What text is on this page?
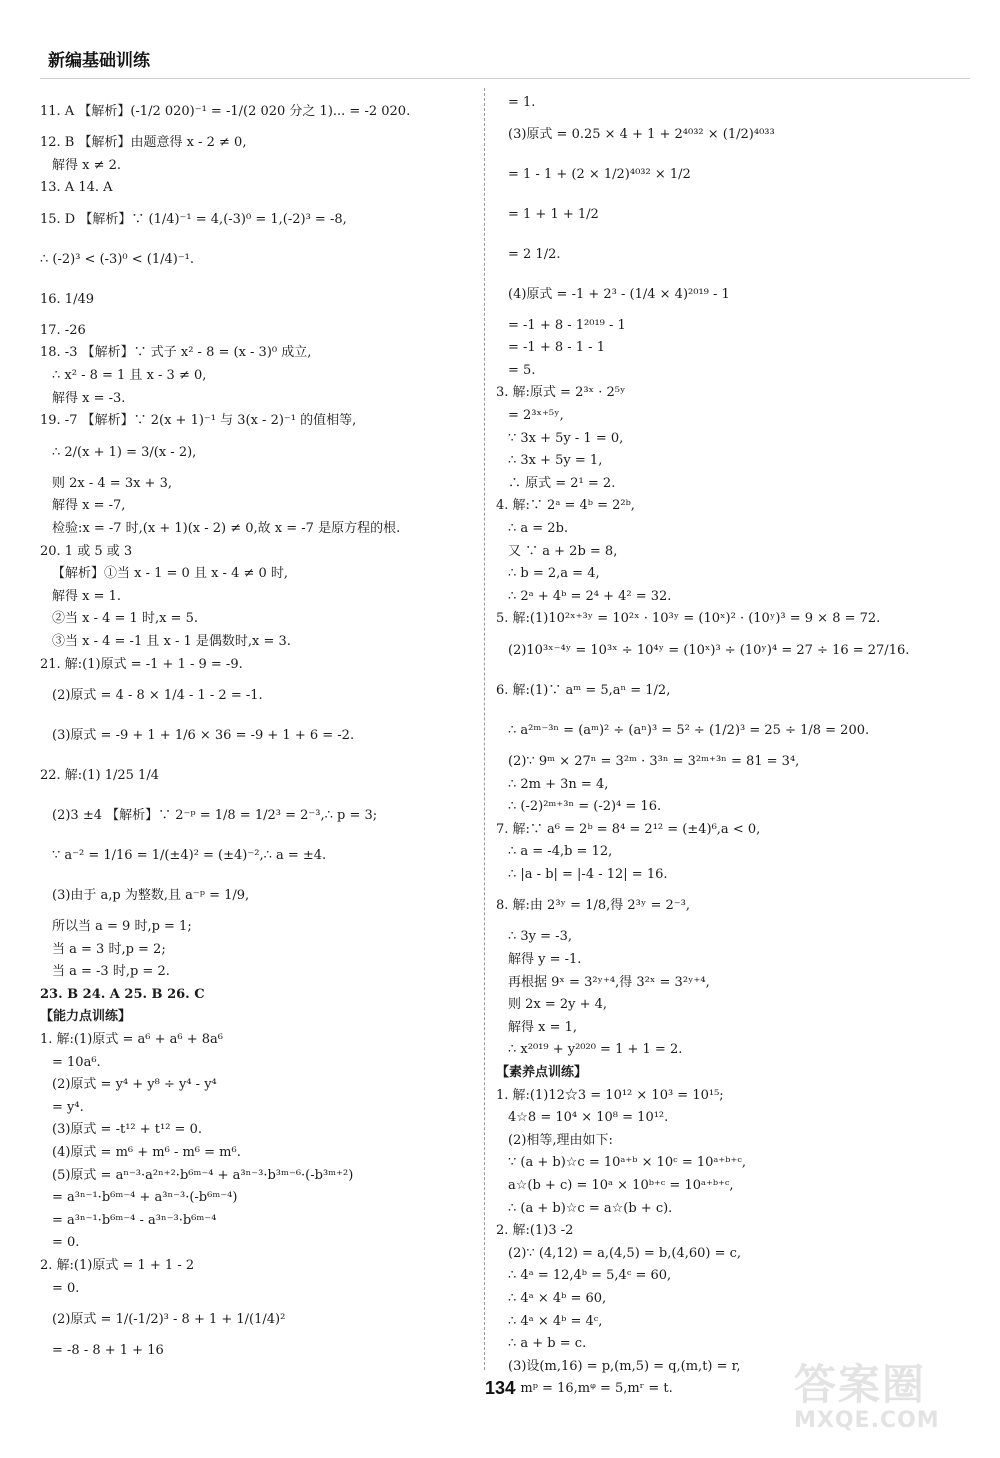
新编基础训练
11. A 【解析】(-1/2 020)⁻¹ = -1/(2 020 分之 1)... = -2 020.
12. B 【解析】由题意得 x - 2 ≠ 0,
解得 x ≠ 2.
13. A 14. A
15. D 【解析】∵ (1/4)⁻¹ = 4,(-3)⁰ = 1,(-2)³ = -8,
∴ (-2)³ < (-3)⁰ < (1/4)⁻¹.
16. 1/49
17. -26
18. -3 【解析】∵ 式子 x² - 8 = (x - 3)⁰ 成立,
∴ x² - 8 = 1 且 x - 3 ≠ 0,
解得 x = -3.
19. -7 【解析】∵ 2(x + 1)⁻¹ 与 3(x - 2)⁻¹ 的值相等,
∴ 2/(x + 1) = 3/(x - 2),
则 2x - 4 = 3x + 3,
解得 x = -7,
检验:x = -7 时,(x + 1)(x - 2) ≠ 0,故 x = -7 是原方程的根.
20. 1 或 5 或 3
【解析】①当 x - 1 = 0 且 x - 4 ≠ 0 时,
解得 x = 1.
②当 x - 4 = 1 时,x = 5.
③当 x - 4 = -1 且 x - 1 是偶数时,x = 3.
21. 解:(1)原式 = -1 + 1 - 9 = -9.
(2)原式 = 4 - 8 × 1/4 - 1 - 2 = -1.
(3)原式 = -9 + 1 + 1/6 × 36 = -9 + 1 + 6 = -2.
22. 解:(1) 1/25 1/4
(2)3 ±4 【解析】∵ 2⁻ᵖ = 1/8 = 1/2³ = 2⁻³,∴ p = 3;
∵ a⁻² = 1/16 = 1/(±4)² = (±4)⁻²,∴ a = ±4.
(3)由于 a,p 为整数,且 a⁻ᵖ = 1/9,
所以当 a = 9 时,p = 1;
当 a = 3 时,p = 2;
当 a = -3 时,p = 2.
23. B 24. A 25. B 26. C
【能力点训练】
1. 解:(1)原式 = a⁶ + a⁶ + 8a⁶
= 10a⁶.
(2)原式 = y⁴ + y⁸ ÷ y⁴ - y⁴
= y⁴.
(3)原式 = -t¹² + t¹² = 0.
(4)原式 = m⁶ + m⁶ - m⁶ = m⁶.
(5)原式 = aⁿ⁻³·a²ⁿ⁺²·b⁶ᵐ⁻⁴ + a³ⁿ⁻³·b³ᵐ⁻⁶·(-b³ᵐ⁺²)
= a³ⁿ⁻¹·b⁶ᵐ⁻⁴ + a³ⁿ⁻³·(-b⁶ᵐ⁻⁴)
= a³ⁿ⁻¹·b⁶ᵐ⁻⁴ - a³ⁿ⁻³·b⁶ᵐ⁻⁴
= 0.
2. 解:(1)原式 = 1 + 1 - 2
= 0.
(2)原式 = 1/(-1/2)³ - 8 + 1 + 1/(1/4)²
= -8 - 8 + 1 + 16
= 1.
(3)原式 = 0.25 × 4 + 1 + 2⁴⁰³² × (1/2)⁴⁰³³
= 1 - 1 + (2 × 1/2)⁴⁰³² × 1/2
= 1 + 1 + 1/2
= 2 1/2.
(4)原式 = -1 + 2³ - (1/4 × 4)²⁰¹⁹ - 1
= -1 + 8 - 1²⁰¹⁹ - 1
= -1 + 8 - 1 - 1
= 5.
3. 解:原式 = 2³ˣ · 2⁵ʸ
= 2³ˣ⁺⁵ʸ,
∵ 3x + 5y - 1 = 0,
∴ 3x + 5y = 1,
∴ 原式 = 2¹ = 2.
4. 解:∵ 2ᵃ = 4ᵇ = 2²ᵇ,
∴ a = 2b.
又 ∵ a + 2b = 8,
∴ b = 2,a = 4,
∴ 2ᵃ + 4ᵇ = 2⁴ + 4² = 32.
5. 解:(1)10²ˣ⁺³ʸ = 10²ˣ · 10³ʸ = (10ˣ)² · (10ʸ)³ = 9 × 8 = 72.
(2)10³ˣ⁻⁴ʸ = 10³ˣ ÷ 10⁴ʸ = (10ˣ)³ ÷ (10ʸ)⁴ = 27 ÷ 16 = 27/16.
6. 解:(1)∵ aᵐ = 5,aⁿ = 1/2,
∴ a²ᵐ⁻³ⁿ = (aᵐ)² ÷ (aⁿ)³ = 5² ÷ (1/2)³ = 25 ÷ 1/8 = 200.
(2)∵ 9ᵐ × 27ⁿ = 3²ᵐ · 3³ⁿ = 3²ᵐ⁺³ⁿ = 81 = 3⁴,
∴ 2m + 3n = 4,
∴ (-2)²ᵐ⁺³ⁿ = (-2)⁴ = 16.
7. 解:∵ a⁶ = 2ᵇ = 8⁴ = 2¹² = (±4)⁶,a < 0,
∴ a = -4,b = 12,
∴ |a - b| = |-4 - 12| = 16.
8. 解:由 2³ʸ = 1/8,得 2³ʸ = 2⁻³,
∴ 3y = -3,
解得 y = -1.
再根据 9ˣ = 3²ʸ⁺⁴,得 3²ˣ = 3²ʸ⁺⁴,
则 2x = 2y + 4,
解得 x = 1,
∴ x²⁰¹⁹ + y²⁰²⁰ = 1 + 1 = 2.
【素养点训练】
1. 解:(1)12☆3 = 10¹² × 10³ = 10¹⁵;
4☆8 = 10⁴ × 10⁸ = 10¹².
(2)相等,理由如下:
∵ (a + b)☆c = 10ᵃ⁺ᵇ × 10ᶜ = 10ᵃ⁺ᵇ⁺ᶜ,
a☆(b + c) = 10ᵃ × 10ᵇ⁺ᶜ = 10ᵃ⁺ᵇ⁺ᶜ,
∴ (a + b)☆c = a☆(b + c).
2. 解:(1)3 -2
(2)∵ (4,12) = a,(4,5) = b,(4,60) = c,
∴ 4ᵃ = 12,4ᵇ = 5,4ᶜ = 60,
∴ 4ᵃ × 4ᵇ = 60,
∴ 4ᵃ × 4ᵇ = 4ᶜ,
∴ a + b = c.
(3)设(m,16) = p,(m,5) = q,(m,t) = r,
∴ mᵖ = 16,mᵠ = 5,mʳ = t.
134	答案圈
MXQE.COM
